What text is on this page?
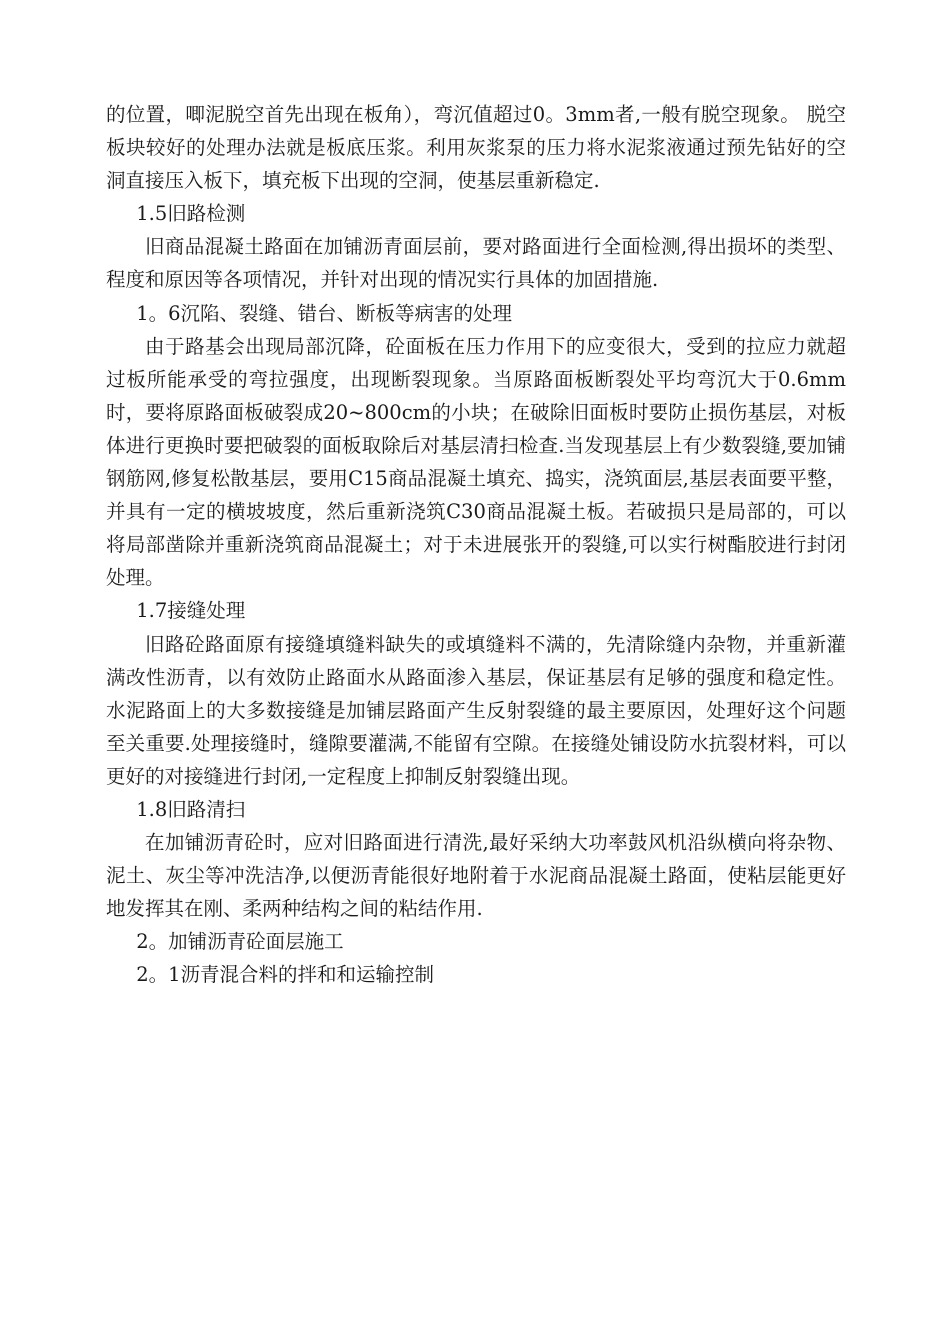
的位置，唧泥脱空首先出现在板角），弯沉值超过0。3mm者,一般有脱空现象。 脱空板块较好的处理办法就是板底压浆。利用灰浆泵的压力将水泥浆液通过预先钻好的空洞直接压入板下，填充板下出现的空洞，使基层重新稳定.

1.5旧路检测

旧商品混凝土路面在加铺沥青面层前，要对路面进行全面检测,得出损坏的类型、程度和原因等各项情况，并针对出现的情况实行具体的加固措施.

1。6沉陷、裂缝、错台、断板等病害的处理

由于路基会出现局部沉降，砼面板在压力作用下的应变很大，受到的拉应力就超过板所能承受的弯拉强度，出现断裂现象。当原路面板断裂处平均弯沉大于0.6mm时，要将原路面板破裂成20~800cm的小块；在破除旧面板时要防止损伤基层，对板体进行更换时要把破裂的面板取除后对基层清扫检查.当发现基层上有少数裂缝,要加铺钢筋网,修复松散基层，要用C15商品混凝土填充、捣实，浇筑面层,基层表面要平整，并具有一定的横坡坡度，然后重新浇筑C30商品混凝土板。若破损只是局部的，可以将局部凿除并重新浇筑商品混凝土；对于未进展张开的裂缝,可以实行树酯胶进行封闭处理。

1.7接缝处理

旧路砼路面原有接缝填缝料缺失的或填缝料不满的，先清除缝内杂物，并重新灌满改性沥青，以有效防止路面水从路面渗入基层，保证基层有足够的强度和稳定性。水泥路面上的大多数接缝是加铺层路面产生反射裂缝的最主要原因，处理好这个问题至关重要.处理接缝时，缝隙要灌满,不能留有空隙。在接缝处铺设防水抗裂材料，可以更好的对接缝进行封闭,一定程度上抑制反射裂缝出现。

1.8旧路清扫

在加铺沥青砼时，应对旧路面进行清洗,最好采纳大功率鼓风机沿纵横向将杂物、泥土、灰尘等冲洗洁净,以便沥青能很好地附着于水泥商品混凝土路面，使粘层能更好地发挥其在刚、柔两种结构之间的粘结作用.

2。加铺沥青砼面层施工

2。1沥青混合料的拌和和运输控制
